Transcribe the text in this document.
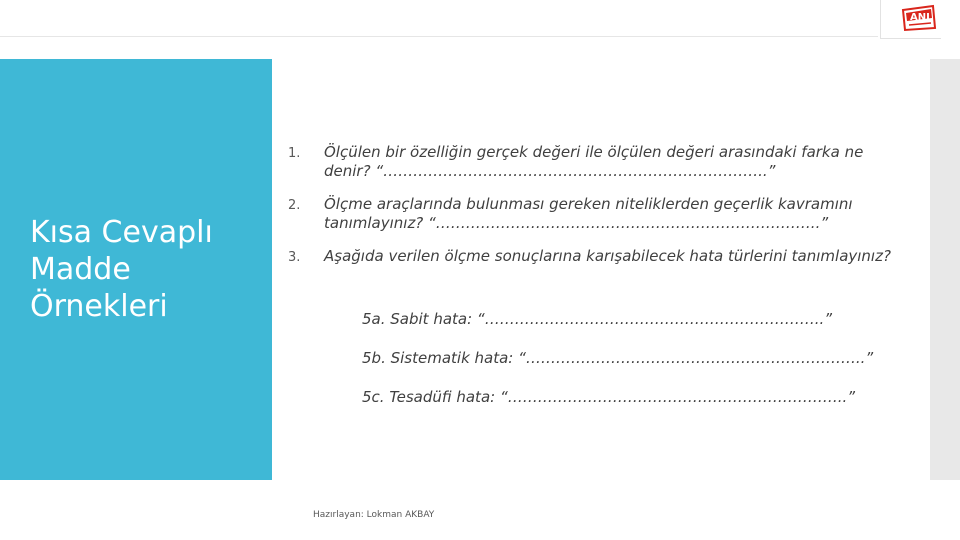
ANI
Kısa Cevaplı Madde Örnekleri
1.	Ölçülen bir özelliğin gerçek değeri ile ölçülen değeri arasındaki farka ne denir? “…………………………………………………………………..”
2.	Ölçme araçlarında bulunması gereken niteliklerden geçerlik kavramını tanımlayınız? “…………………………………………………………………..”
3.	Aşağıda verilen ölçme sonuçlarına karışabilecek hata türlerini tanımlayınız?
5a. Sabit hata: “…………………………………………………………..”
5b. Sistematik hata: “…………………………………………………………..”
5c. Tesadüfi hata: “…………………………………………………………..”
Hazırlayan: Lokman AKBAY
